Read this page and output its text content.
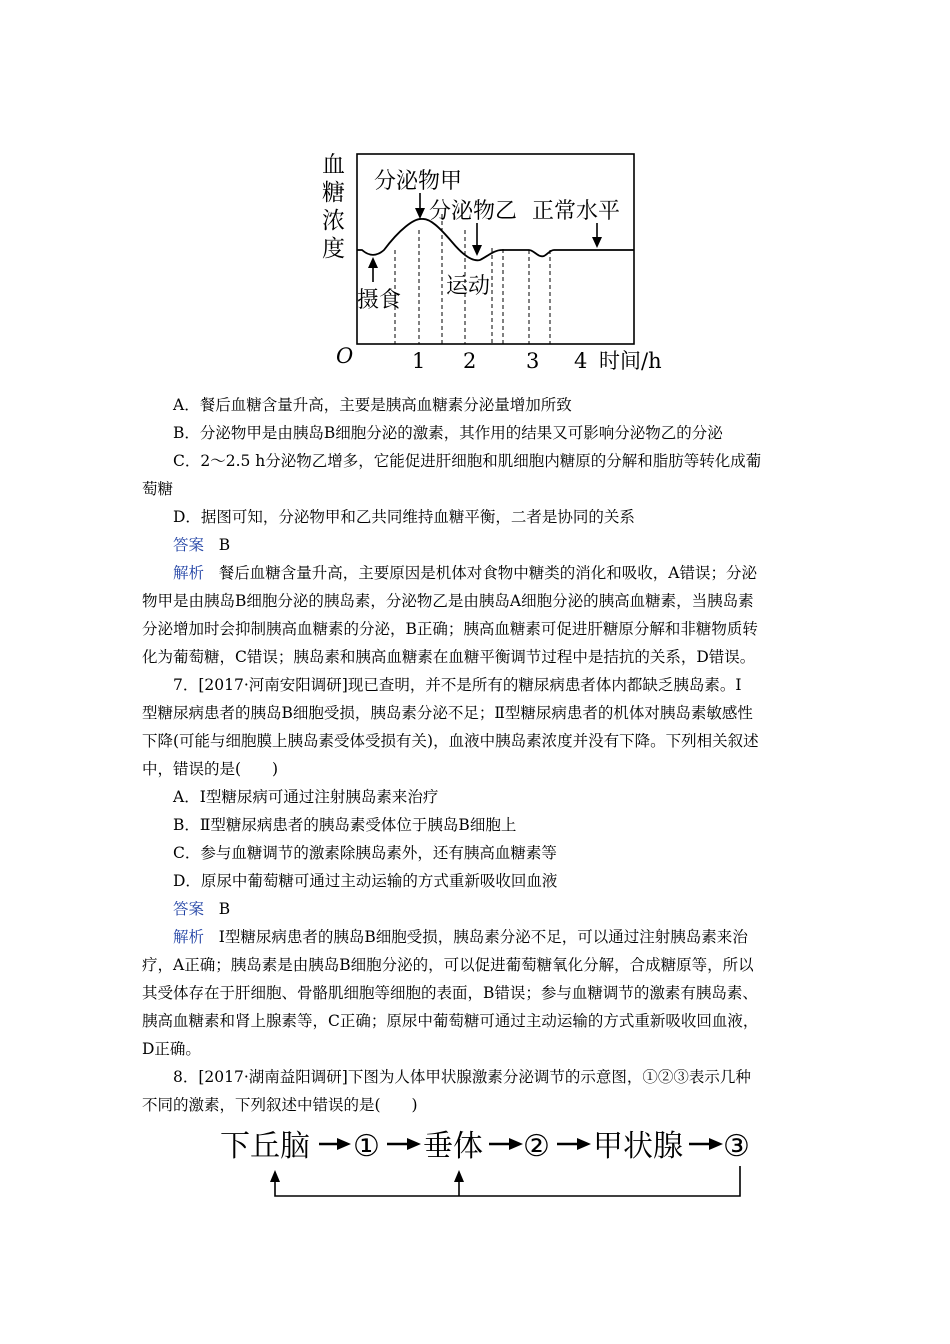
血
糖
浓
度
分泌物甲
分泌物乙 正常水平
摄食
运动
O	1 2 3 4 时间/h
A．餐后血糖含量升高，主要是胰高血糖素分泌量增加所致
B．分泌物甲是由胰岛B细胞分泌的激素，其作用的结果又可影响分泌物乙的分泌
C．2～2.5 h分泌物乙增多，它能促进肝细胞和肌细胞内糖原的分解和脂肪等转化成葡
萄糖
D．据图可知，分泌物甲和乙共同维持血糖平衡，二者是协同的关系
答案 B
解析 餐后血糖含量升高，主要原因是机体对食物中糖类的消化和吸收，A错误；分泌
物甲是由胰岛B细胞分泌的胰岛素，分泌物乙是由胰岛A细胞分泌的胰高血糖素，当胰岛素
分泌增加时会抑制胰高血糖素的分泌，B正确；胰高血糖素可促进肝糖原分解和非糖物质转
化为葡萄糖，C错误；胰岛素和胰高血糖素在血糖平衡调节过程中是拮抗的关系，D错误。
7．[2017·河南安阳调研]现已查明，并不是所有的糖尿病患者体内都缺乏胰岛素。Ⅰ
型糖尿病患者的胰岛B细胞受损，胰岛素分泌不足；Ⅱ型糖尿病患者的机体对胰岛素敏感性
下降(可能与细胞膜上胰岛素受体受损有关)，血液中胰岛素浓度并没有下降。下列相关叙述
中，错误的是(　　)
A．Ⅰ型糖尿病可通过注射胰岛素来治疗
B．Ⅱ型糖尿病患者的胰岛素受体位于胰岛B细胞上
C．参与血糖调节的激素除胰岛素外，还有胰高血糖素等
D．原尿中葡萄糖可通过主动运输的方式重新吸收回血液
答案 B
解析 Ⅰ型糖尿病患者的胰岛B细胞受损，胰岛素分泌不足，可以通过注射胰岛素来治
疗，A正确；胰岛素是由胰岛B细胞分泌的，可以促进葡萄糖氧化分解，合成糖原等，所以
其受体存在于肝细胞、骨骼肌细胞等细胞的表面，B错误；参与血糖调节的激素有胰岛素、
胰高血糖素和肾上腺素等，C正确；原尿中葡萄糖可通过主动运输的方式重新吸收回血液，
D正确。
8．[2017·湖南益阳调研]下图为人体甲状腺激素分泌调节的示意图，①②③表示几种
不同的激素，下列叙述中错误的是(　　)
下丘脑 ① 垂体 ② 甲状腺 ③
